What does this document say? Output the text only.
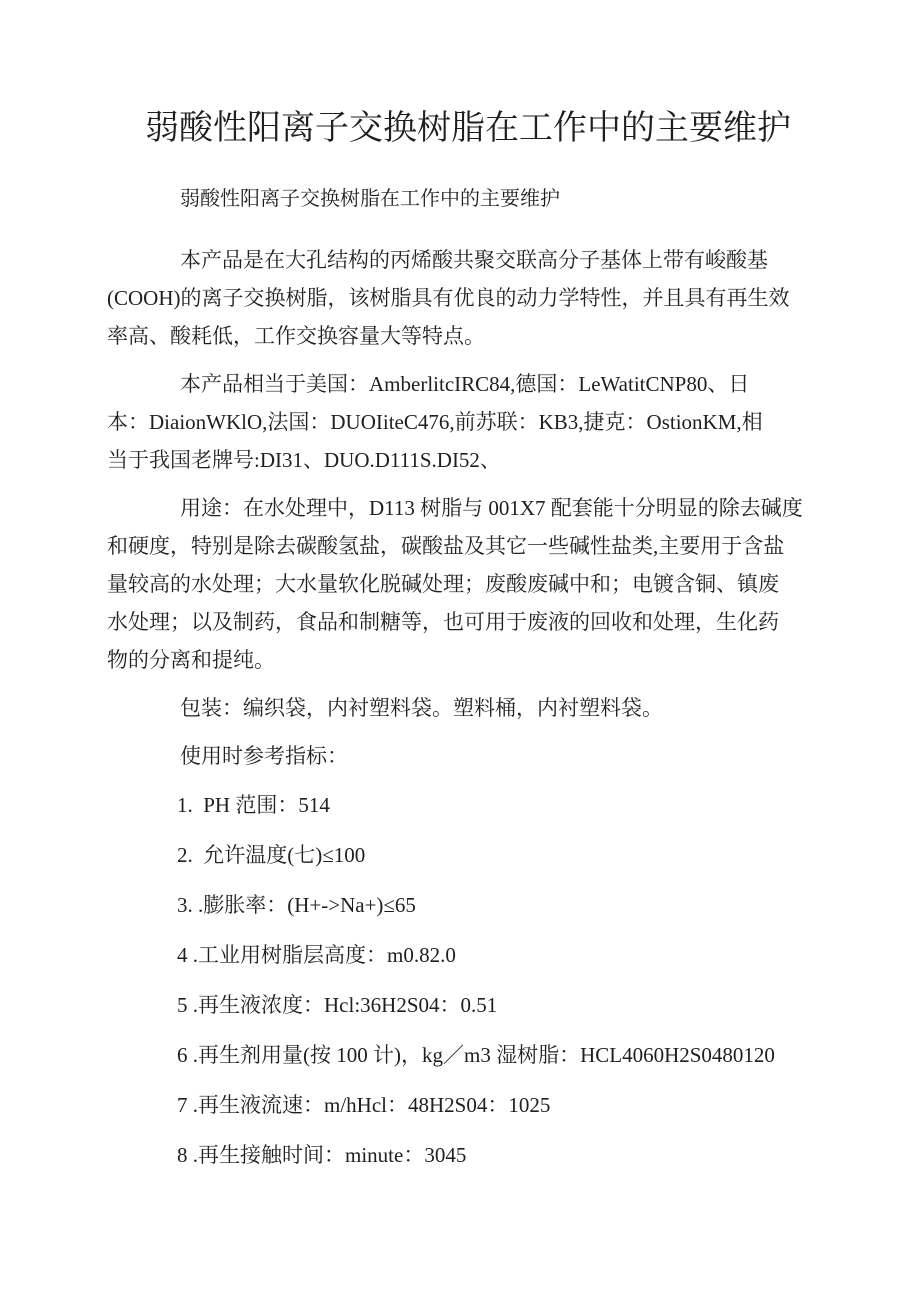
弱酸性阳离子交换树脂在工作中的主要维护
弱酸性阳离子交换树脂在工作中的主要维护
本产品是在大孔结构的丙烯酸共聚交联高分子基体上带有峻酸基
(COOH)的离子交换树脂，该树脂具有优良的动力学特性，并且具有再生效
率高、酸耗低，工作交换容量大等特点。
本产品相当于美国：AmberlitcIRC84,德国：LeWatitCNP80、日
本：DiaionWKlO,法国：DUOIiteC476,前苏联：KB3,捷克：OstionKM,相
当于我国老牌号:DI31、DUO.D111S.DI52、
用途：在水处理中，D113 树脂与 001X7 配套能十分明显的除去碱度
和硬度，特别是除去碳酸氢盐，碳酸盐及其它一些碱性盐类,主要用于含盐
量较高的水处理；大水量软化脱碱处理；废酸废碱中和；电镀含铜、镇废
水处理；以及制药，食品和制糖等，也可用于废液的回收和处理，生化药
物的分离和提纯。
包装：编织袋，内衬塑料袋。塑料桶，内衬塑料袋。
使用时参考指标：
1.  PH 范围：514
2.  允许温度(七)≤100
3. .膨胀率：(H+->Na+)≤65
4 .工业用树脂层高度：m0.82.0
5 .再生液浓度：Hcl:36H2S04：0.51
6 .再生剂用量(按 100 计)，kg／m3 湿树脂：HCL4060H2S0480120
7 .再生液流速：m/hHcl：48H2S04：1025
8 .再生接触时间：minute：3045
